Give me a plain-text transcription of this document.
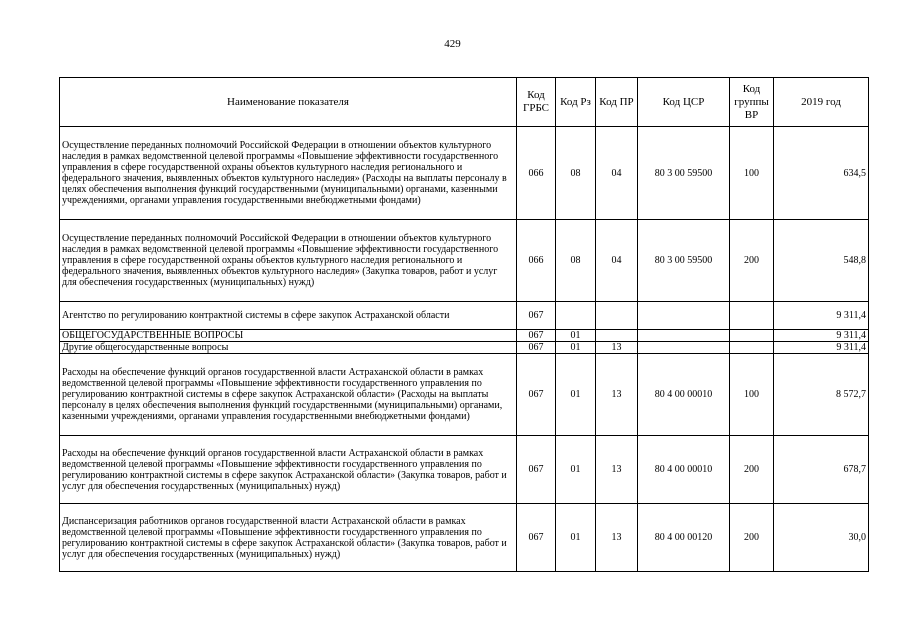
429
Наименование показателя	Код ГРБС	Код Рз	Код ПР	Код ЦСР	Код группы ВР	2019 год
Осуществление переданных полномочий Российской Федерации в отношении объектов культурного наследия в рамках ведомственной целевой программы «Повышение эффективности государственного управления в сфере государственной охраны объектов культурного наследия регионального и федерального значения, выявленных объектов культурного наследия» (Расходы на выплаты персоналу в целях обеспечения выполнения функций государственными (муниципальными) органами, казенными учреждениями, органами управления государственными внебюджетными фондами)	066	08	04	80 3 00 59500	100	634,5
Осуществление переданных полномочий Российской Федерации в отношении объектов культурного наследия в рамках ведомственной целевой программы «Повышение эффективности государственного управления в сфере государственной охраны объектов культурного наследия регионального и федерального значения, выявленных объектов культурного наследия» (Закупка товаров, работ и услуг для обеспечения государственных (муниципальных) нужд)	066	08	04	80 3 00 59500	200	548,8
Агентство по регулированию контрактной системы в сфере закупок Астраханской области	067					9 311,4
ОБЩЕГОСУДАРСТВЕННЫЕ ВОПРОСЫ	067	01				9 311,4
Другие общегосударственные вопросы	067	01	13			9 311,4
Расходы на обеспечение функций органов государственной власти Астраханской области в рамках ведомственной целевой программы «Повышение эффективности государственного управления по регулированию контрактной системы в сфере закупок Астраханской области» (Расходы на выплаты персоналу в целях обеспечения выполнения функций государственными (муниципальными) органами, казенными учреждениями, органами управления государственными внебюджетными фондами)	067	01	13	80 4 00 00010	100	8 572,7
Расходы на обеспечение функций органов государственной власти Астраханской области в рамках ведомственной целевой программы «Повышение эффективности государственного управления по регулированию контрактной системы в сфере закупок Астраханской области» (Закупка товаров, работ и услуг для обеспечения государственных (муниципальных) нужд)	067	01	13	80 4 00 00010	200	678,7
Диспансеризация работников органов государственной власти Астраханской области в рамках ведомственной целевой программы «Повышение эффективности государственного управления по регулированию контрактной системы в сфере закупок Астраханской области» (Закупка товаров, работ и услуг для обеспечения государственных (муниципальных) нужд)	067	01	13	80 4 00 00120	200	30,0
